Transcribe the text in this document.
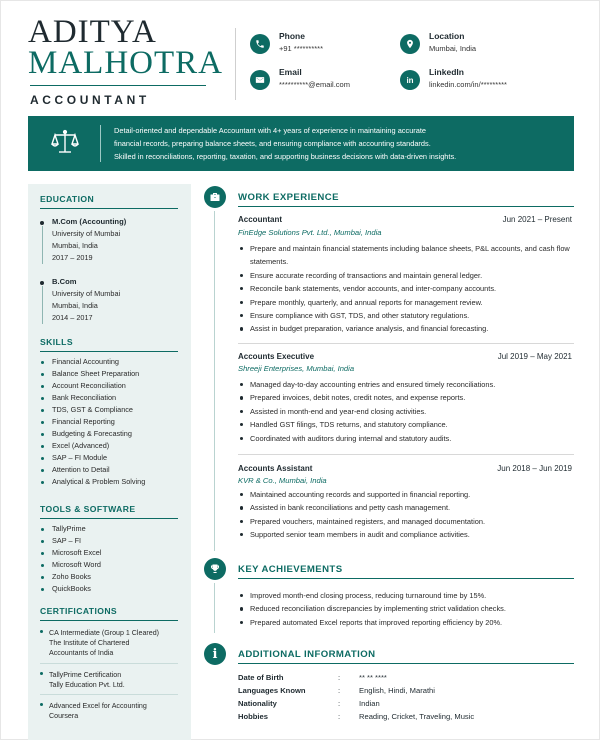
ADITYA
MALHOTRA
ACCOUNTANT
Phone
+91 **********
Location
Mumbai, India
Email
**********@email.com	in
LinkedIn
linkedin.com/in/*********
Detail-oriented and dependable Accountant with 4+ years of experience in maintaining accurate
financial records, preparing balance sheets, and ensuring compliance with accounting standards.
Skilled in reconciliations, reporting, taxation, and supporting business decisions with data-driven insights.
EDUCATION
M.Com (Accounting)
University of Mumbai
Mumbai, India
2017 – 2019
B.Com
University of Mumbai
Mumbai, India
2014 – 2017
SKILLS
Financial Accounting
Balance Sheet Preparation
Account Reconciliation
Bank Reconciliation
TDS, GST & Compliance
Financial Reporting
Budgeting & Forecasting
Excel (Advanced)
SAP – FI Module
Attention to Detail
Analytical & Problem Solving
TOOLS & SOFTWARE
TallyPrime
SAP – FI
Microsoft Excel
Microsoft Word
Zoho Books
QuickBooks
CERTIFICATIONS
CA Intermediate (Group 1 Cleared)
The Institute of Chartered
Accountants of India
TallyPrime Certification
Tally Education Pvt. Ltd.
Advanced Excel for Accounting
Coursera
WORK EXPERIENCE
Accountant	Jun 2021 – Present
FinEdge Solutions Pvt. Ltd., Mumbai, India
Prepare and maintain financial statements including balance sheets, P&L accounts, and cash flow statements.
Ensure accurate recording of transactions and maintain general ledger.
Reconcile bank statements, vendor accounts, and inter-company accounts.
Prepare monthly, quarterly, and annual reports for management review.
Ensure compliance with GST, TDS, and other statutory regulations.
Assist in budget preparation, variance analysis, and financial forecasting.
Accounts Executive	Jul 2019 – May 2021
Shreeji Enterprises, Mumbai, India
Managed day-to-day accounting entries and ensured timely reconciliations.
Prepared invoices, debit notes, credit notes, and expense reports.
Assisted in month-end and year-end closing activities.
Handled GST filings, TDS returns, and statutory compliance.
Coordinated with auditors during internal and statutory audits.
Accounts Assistant	Jun 2018 – Jun 2019
KVR & Co., Mumbai, India
Maintained accounting records and supported in financial reporting.
Assisted in bank reconciliations and petty cash management.
Prepared vouchers, maintained registers, and managed documentation.
Supported senior team members in audit and compliance activities.
KEY ACHIEVEMENTS
Improved month-end closing process, reducing turnaround time by 15%.
Reduced reconciliation discrepancies by implementing strict validation checks.
Prepared automated Excel reports that improved reporting efficiency by 20%.
i ADDITIONAL INFORMATION
Date of Birth	: ** ** ****
Languages Known	: English, Hindi, Marathi
Nationality	: Indian
Hobbies	: Reading, Cricket, Traveling, Music
